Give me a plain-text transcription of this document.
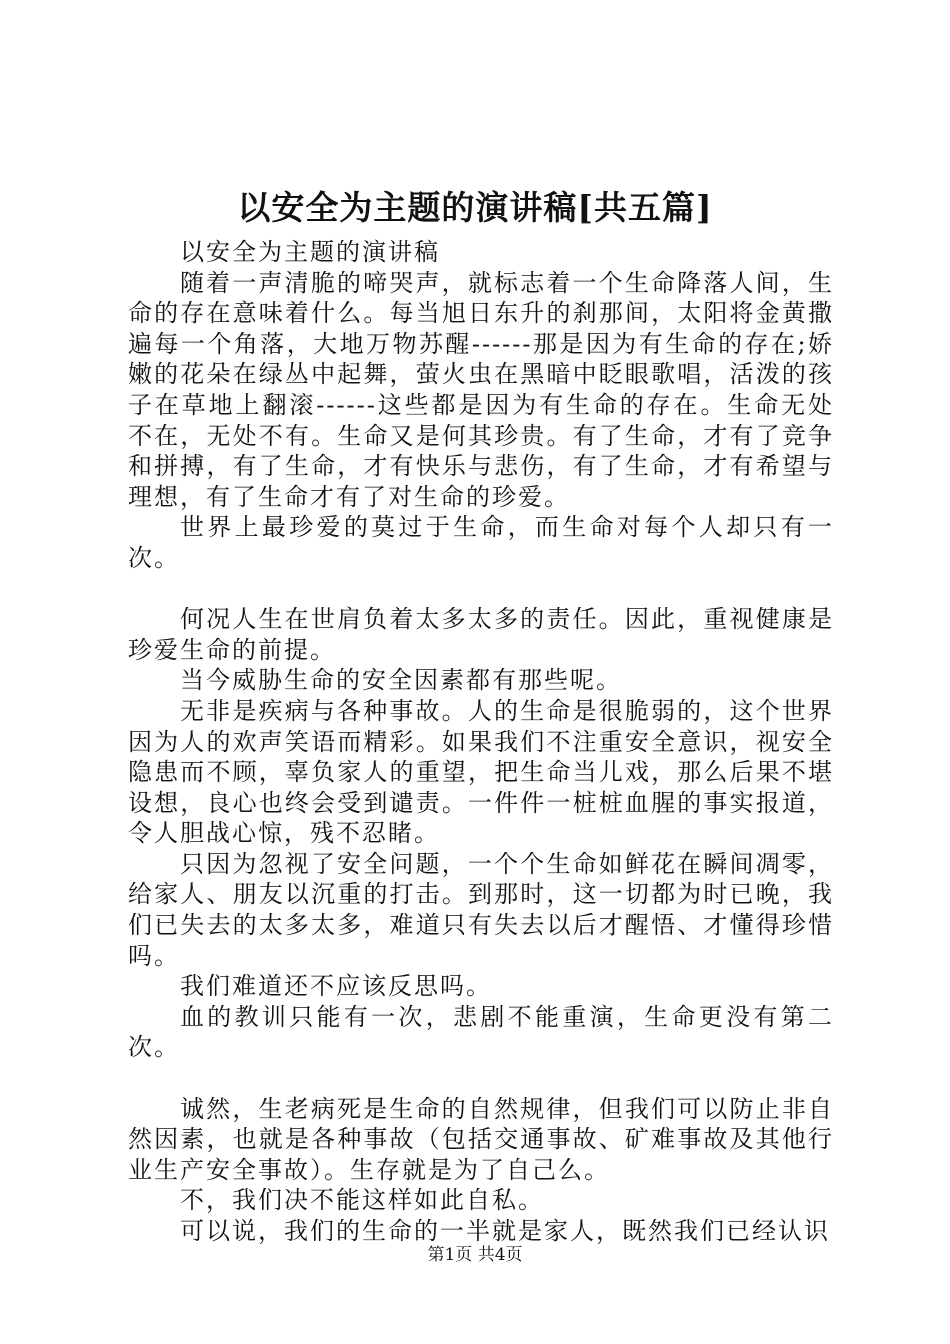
以安全为主题的演讲稿[共五篇]

以安全为主题的演讲稿

随着一声清脆的啼哭声，就标志着一个生命降落人间，生命的存在意味着什么。每当旭日东升的刹那间，太阳将金黄撒遍每一个角落，大地万物苏醒------那是因为有生命的存在;娇嫩的花朵在绿丛中起舞，萤火虫在黑暗中眨眼歌唱，活泼的孩子在草地上翻滚------这些都是因为有生命的存在。生命无处不在，无处不有。生命又是何其珍贵。有了生命，才有了竞争和拼搏，有了生命，才有快乐与悲伤，有了生命，才有希望与理想，有了生命才有了对生命的珍爱。

世界上最珍爱的莫过于生命，而生命对每个人却只有一次。

何况人生在世肩负着太多太多的责任。因此，重视健康是珍爱生命的前提。

当今威胁生命的安全因素都有那些呢。

无非是疾病与各种事故。人的生命是很脆弱的，这个世界因为人的欢声笑语而精彩。如果我们不注重安全意识，视安全隐患而不顾，辜负家人的重望，把生命当儿戏，那么后果不堪设想，良心也终会受到谴责。一件件一桩桩血腥的事实报道，令人胆战心惊，残不忍睹。

只因为忽视了安全问题，一个个生命如鲜花在瞬间凋零，给家人、朋友以沉重的打击。到那时，这一切都为时已晚，我们已失去的太多太多，难道只有失去以后才醒悟、才懂得珍惜吗。

我们难道还不应该反思吗。

血的教训只能有一次，悲剧不能重演，生命更没有第二次。

诚然，生老病死是生命的自然规律，但我们可以防止非自然因素，也就是各种事故（包括交通事故、矿难事故及其他行业生产安全事故）。生存就是为了自己么。

不，我们决不能这样如此自私。

可以说，我们的生命的一半就是家人，既然我们已经认识

第1页 共4页
